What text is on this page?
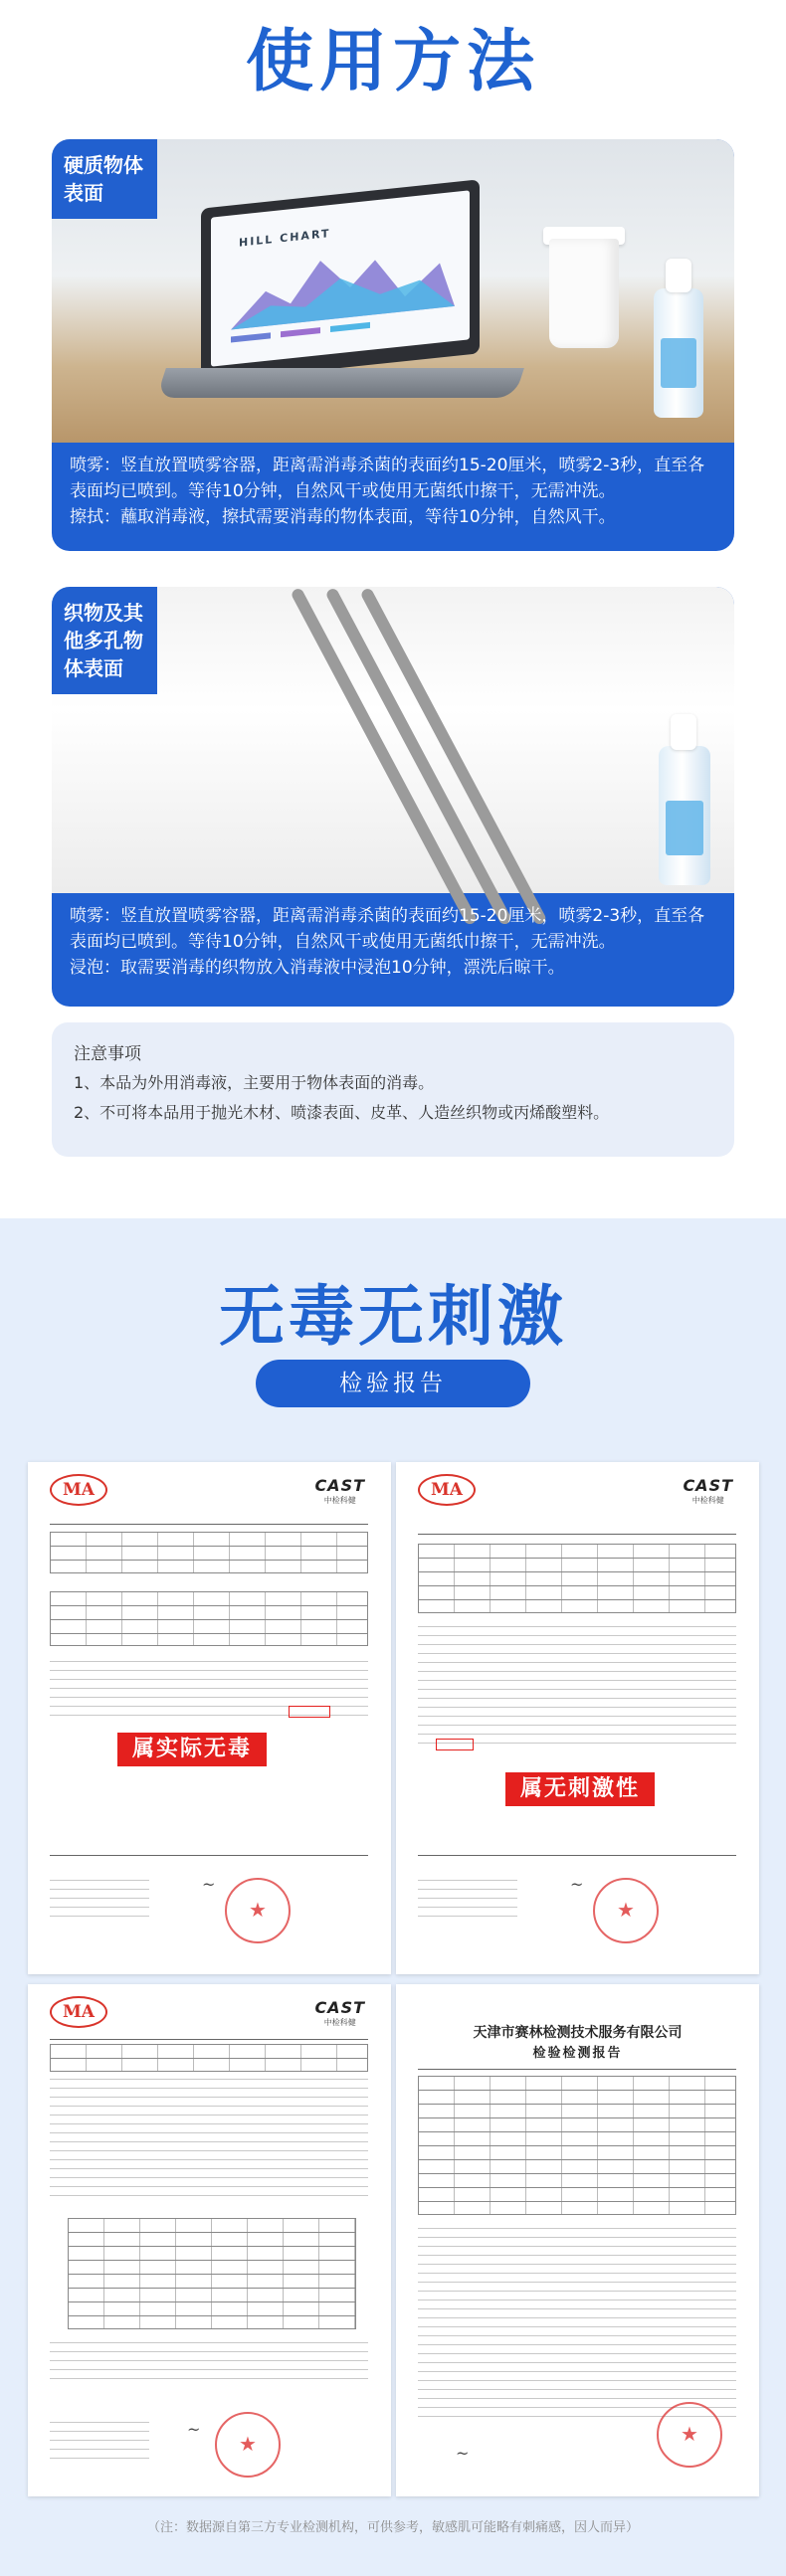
使用方法
HILL CHART
硬质物体表面
喷雾：竖直放置喷雾容器，距离需消毒杀菌的表面约15-20厘米，喷雾2-3秒，直至各表面均已喷到。等待10分钟，自然风干或使用无菌纸巾擦干，无需冲洗。
擦拭：蘸取消毒液，擦拭需要消毒的物体表面，等待10分钟，自然风干。
织物及其他多孔物体表面
喷雾：竖直放置喷雾容器，距离需消毒杀菌的表面约15-20厘米，喷雾2-3秒，直至各表面均已喷到。等待10分钟，自然风干或使用无菌纸巾擦干，无需冲洗。
浸泡：取需要消毒的织物放入消毒液中浸泡10分钟，漂洗后晾干。
注意事项
1、本品为外用消毒液，主要用于物体表面的消毒。
2、不可将本品用于抛光木材、喷漆表面、皮革、人造丝织物或丙烯酸塑料。
无毒无刺激
检验报告
MA	CAST
中检科健
属实际无毒
~
★
MA	CAST
中检科健
属无刺激性
~
★
MA	CAST
中检科健
~
★
天津市赛林检测技术服务有限公司
检验检测报告
~
★
（注：数据源自第三方专业检测机构，可供参考，敏感肌可能略有刺痛感，因人而异）
